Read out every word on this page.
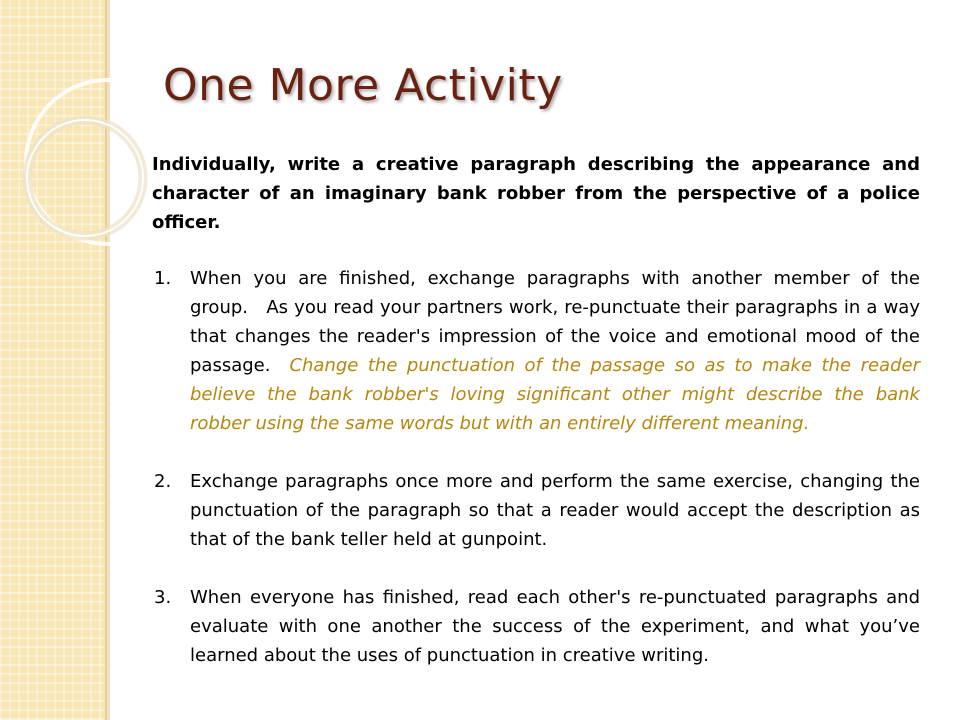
One More Activity

Individually, write a creative paragraph describing the appearance and character of an imaginary bank robber from the perspective of a police officer.

1. When you are finished, exchange paragraphs with another member of the group.   As you read your partners work, re-punctuate their paragraphs in a way that changes the reader's impression of the voice and emotional mood of the passage.  Change the punctuation of the passage so as to make the reader believe the bank robber's loving significant other might describe the bank robber using the same words but with an entirely different meaning.
2. Exchange paragraphs once more and perform the same exercise, changing the punctuation of the paragraph so that a reader would accept the description as that of the bank teller held at gunpoint.
3. When everyone has finished, read each other's re-punctuated paragraphs and evaluate with one another the success of the experiment, and what you’ve learned about the uses of punctuation in creative writing.
